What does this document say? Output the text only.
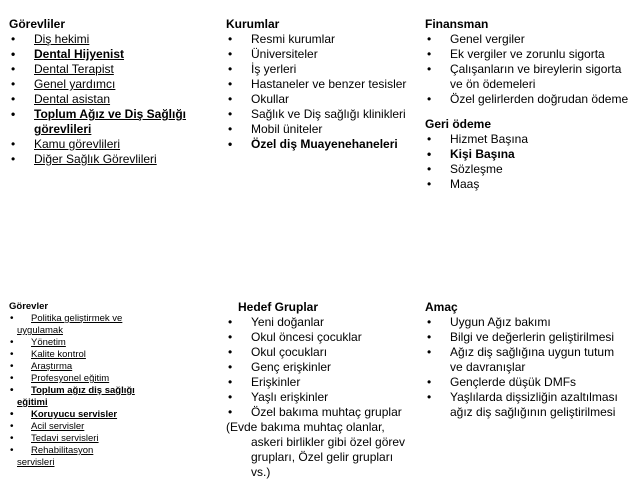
Görevliler
• Diş hekimi
• Dental Hijyenist
• Dental Terapist
• Genel yardımcı
• Dental asistan
• Toplum Ağız ve Diş Sağlığı görevlileri
• Kamu görevlileri
• Diğer Sağlık Görevlileri
Kurumlar
• Resmi kurumlar
• Üniversiteler
• İş yerleri
• Hastaneler ve benzer tesisler
• Okullar
• Sağlık ve Diş sağlığı klinikleri
• Mobil üniteler
• Özel diş Muayenehaneleri
Finansman
• Genel vergiler
• Ek vergiler ve zorunlu sigorta
• Çalışanların ve bireylerin sigorta ve ön ödemeleri
• Özel gelirlerden doğrudan ödeme
Geri ödeme
• Hizmet Başına
• Kişi Başına
• Sözleşme
• Maaş
Görevler
• Politika geliştirmek ve
uygulamak
• Yönetim
• Kalite kontrol
• Araştırma
• Profesyonel eğitim
• Toplum ağız diş sağlığı
eğitimi
• Koruyucu servisler
• Acil servisler
• Tedavi servisleri
• Rehabilitasyon
servisleri
Hedef Gruplar
• Yeni doğanlar
• Okul öncesi çocuklar
• Okul çocukları
• Genç erişkinler
• Erişkinler
• Yaşlı erişkinler
• Özel bakıma muhtaç gruplar
(Evde bakıma muhtaç olanlar,
askeri birlikler gibi özel görev
grupları, Özel gelir grupları
vs.)
Amaç
• Uygun Ağız bakımı
• Bilgi ve değerlerin geliştirilmesi
• Ağız diş sağlığına uygun tutum ve davranışlar
• Gençlerde düşük DMFs
• Yaşlılarda dişsizliğin azaltılması ağız diş sağlığının geliştirilmesi
